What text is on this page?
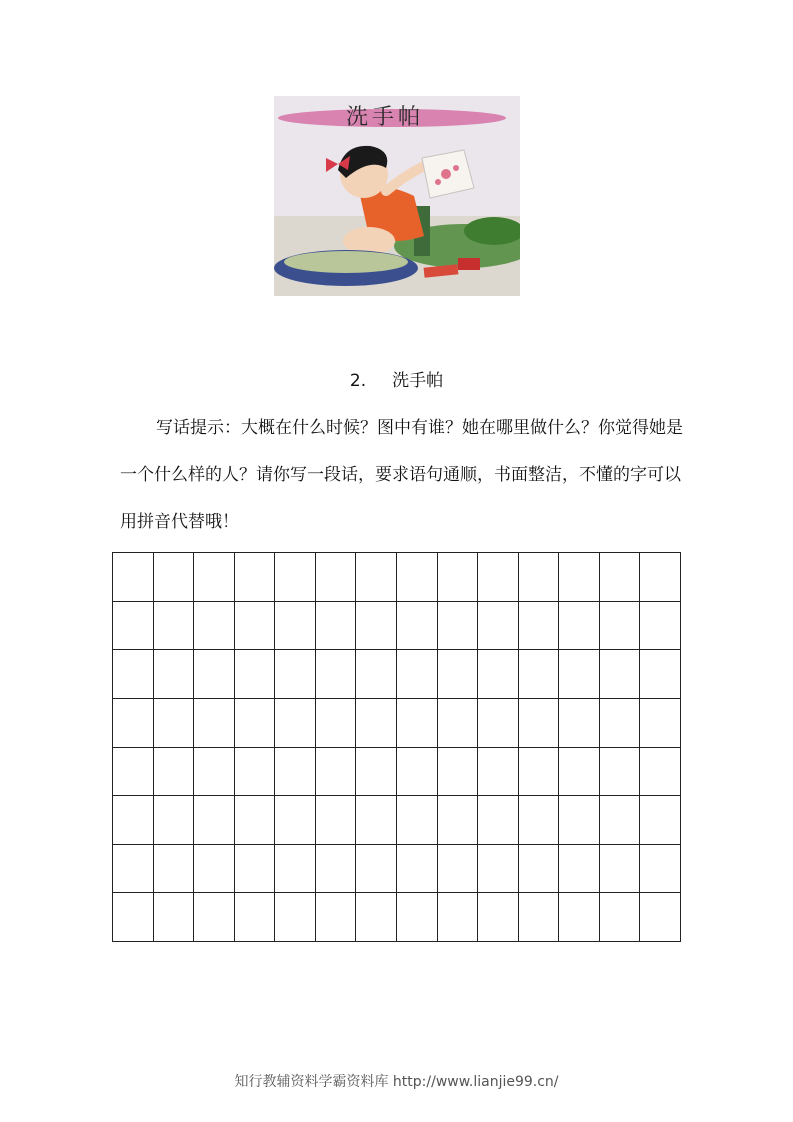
洗手帕
2. 洗手帕
写话提示：大概在什么时候？图中有谁？她在哪里做什么？你觉得她是一个什么样的人？请你写一段话，要求语句通顺，书面整洁，不懂的字可以用拼音代替哦！

知行教辅资料学霸资料库 http://www.lianjie99.cn/
